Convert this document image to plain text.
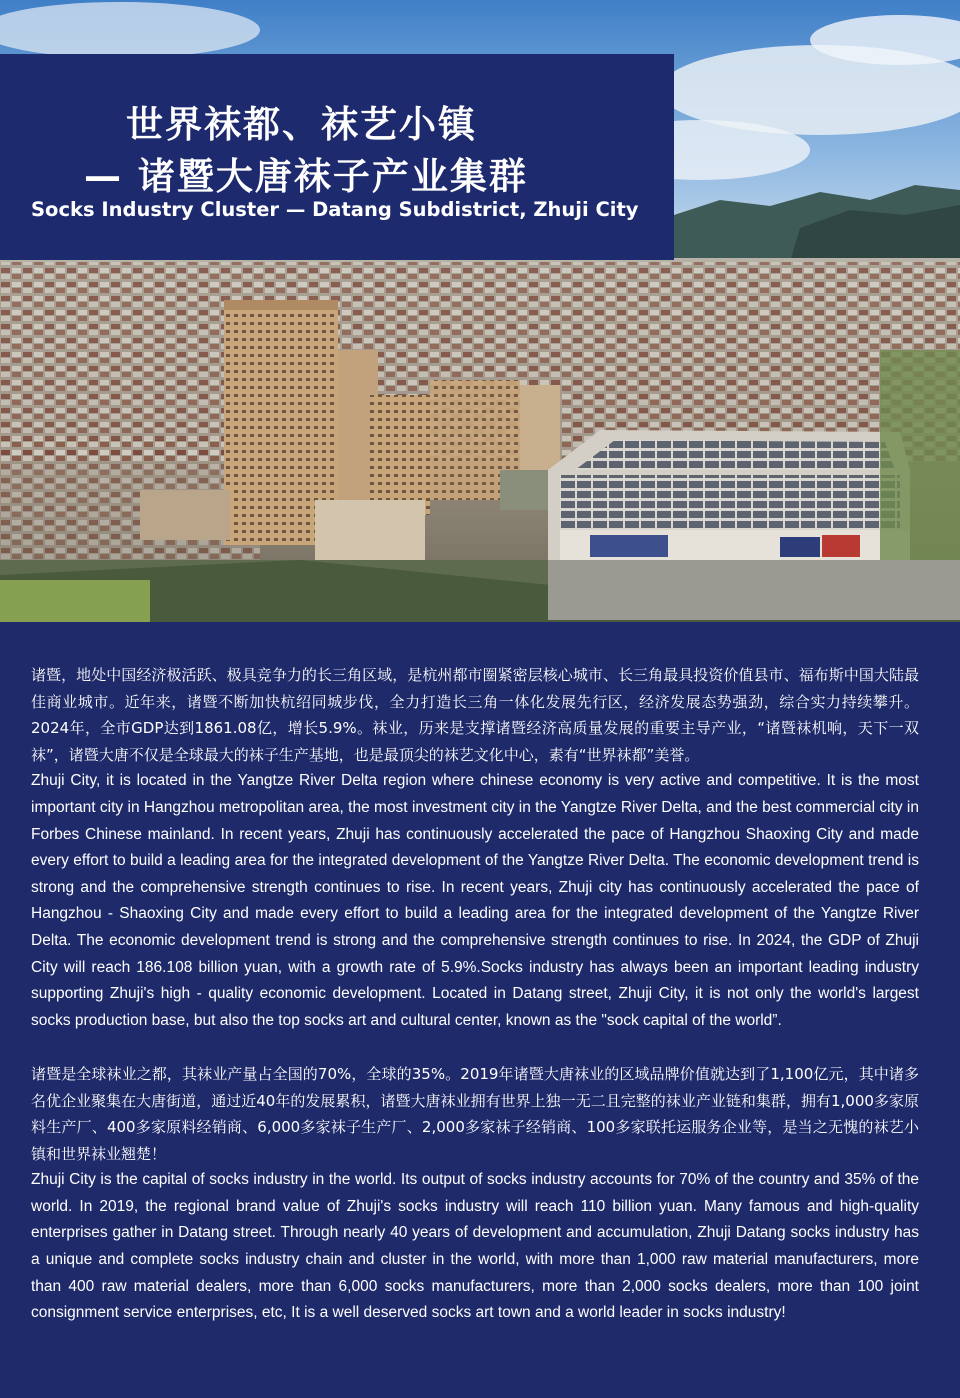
世界袜都、袜艺小镇
— 诸暨大唐袜子产业集群
Socks Industry Cluster — Datang Subdistrict, Zhuji City

诸暨，地处中国经济极活跃、极具竞争力的长三角区域，是杭州都市圈紧密层核心城市、长三角最具投资价值县市、福布斯中国大陆最佳商业城市。近年来，诸暨不断加快杭绍同城步伐，全力打造长三角一体化发展先行区，经济发展态势强劲，综合实力持续攀升。2024年，全市GDP达到1861.08亿，增长5.9%。袜业，历来是支撑诸暨经济高质量发展的重要主导产业，“诸暨袜机响，天下一双袜”，诸暨大唐不仅是全球最大的袜子生产基地，也是最顶尖的袜艺文化中心，素有“世界袜都”美誉。

Zhuji City, it is located in the Yangtze River Delta region where chinese economy is very active and competitive. It is the most important city in Hangzhou metropolitan area, the most investment city in the Yangtze River Delta, and the best commercial city in Forbes Chinese mainland. In recent years, Zhuji has continuously accelerated the pace of Hangzhou Shaoxing City and made every effort to build a leading area for the integrated development of the Yangtze River Delta. The economic development trend is strong and the comprehensive strength continues to rise. In recent years, Zhuji city has continuously accelerated the pace of Hangzhou - Shaoxing City and made every effort to build a leading area for the integrated development of the Yangtze River Delta. The economic development trend is strong and the comprehensive strength continues to rise. In 2024, the GDP of Zhuji City will reach 186.108 billion yuan, with a growth rate of 5.9%.Socks industry has always been an important leading industry supporting Zhuji's high - quality economic development. Located in Datang street, Zhuji City, it is not only the world's largest socks production base, but also the top socks art and cultural center, known as the "sock capital of the world”.

诸暨是全球袜业之都，其袜业产量占全国的70%，全球的35%。2019年诸暨大唐袜业的区域品牌价值就达到了1,100亿元，其中诸多名优企业聚集在大唐街道，通过近40年的发展累积，诸暨大唐袜业拥有世界上独一无二且完整的袜业产业链和集群，拥有1,000多家原料生产厂、400多家原料经销商、6,000多家袜子生产厂、2,000多家袜子经销商、100多家联托运服务企业等，是当之无愧的袜艺小镇和世界袜业翘楚！

Zhuji City is the capital of socks industry in the world. Its output of socks industry accounts for 70% of the country and 35% of the world. In 2019, the regional brand value of Zhuji's socks industry will reach 110 billion yuan. Many famous and high-quality enterprises gather in Datang street. Through nearly 40 years of development and accumulation, Zhuji Datang socks industry has a unique and complete socks industry chain and cluster in the world, with more than 1,000 raw material manufacturers, more than 400 raw material dealers, more than 6,000 socks manufacturers, more than 2,000 socks dealers, more than 100 joint consignment service enterprises, etc, It is a well deserved socks art town and a world leader in socks industry!
